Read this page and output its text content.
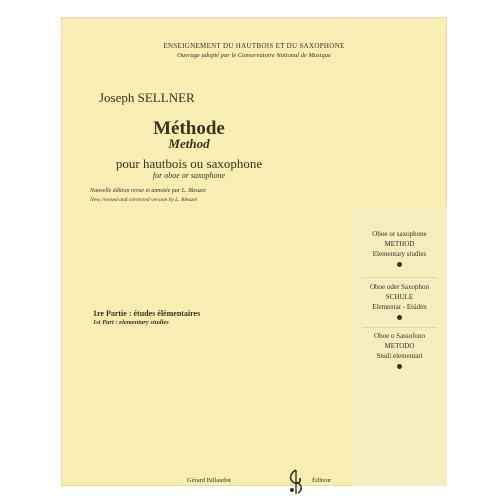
ENSEIGNEMENT DU HAUTBOIS ET DU SAXOPHONE
Ouvrage adopté par le Conservatoire National de Musique
Joseph SELLNER
Méthode
Method
pour hautbois ou saxophone
for oboe or saxophone
Nouvelle édition revue et annotée par L. Bleuzet
New, revised and corrected version by L. Bleuzet
1re Partie : études élémentaires
1st Part : elementary studies
Oboe or saxophone
METHOD
Elementary studies
Oboe oder Saxophon
SCHULE
Elementar - Etüden
Oboe o Sassofono
METODO
Studi elementari
Gérard Billaudot	Éditeur
